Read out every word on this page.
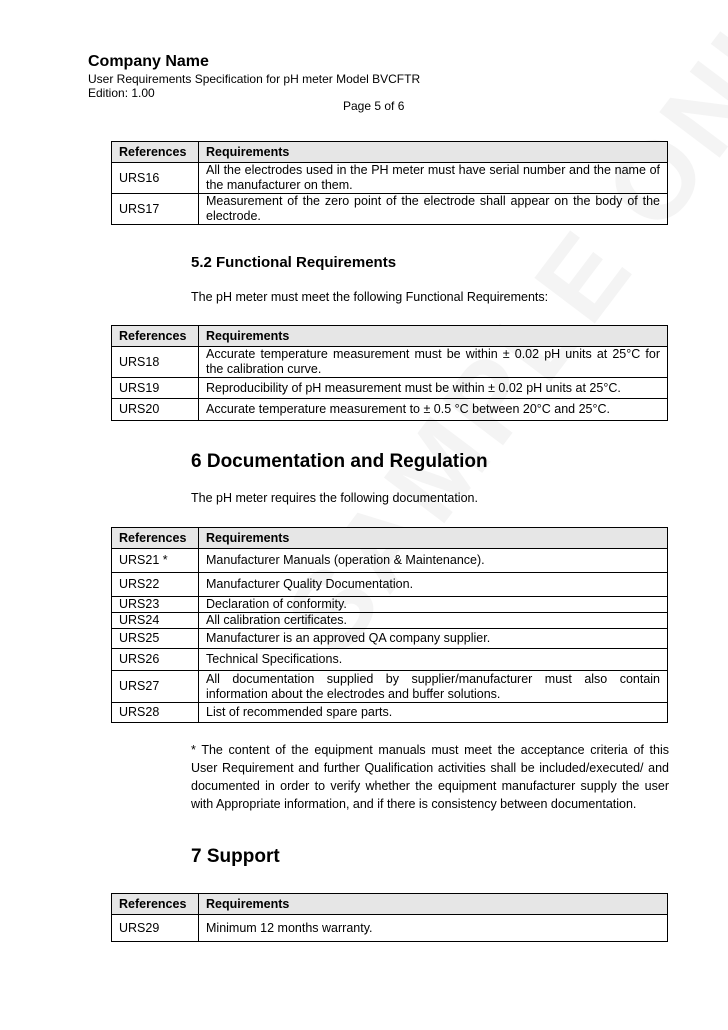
Company Name
User Requirements Specification for pH meter Model BVCFTR
Edition: 1.00
Page 5 of 6
References	Requirements
URS16	All the electrodes used in the PH meter must have serial number and the name of the manufacturer on them.
URS17	Measurement of the zero point of the electrode shall appear on the body of the electrode.
5.2 Functional Requirements
The pH meter must meet the following Functional Requirements:
References	Requirements
URS18	Accurate temperature measurement must be within ± 0.02 pH units at 25°C for the calibration curve.
URS19	Reproducibility of pH measurement must be within ± 0.02 pH units at 25°C.
URS20	Accurate temperature measurement to ± 0.5 °C between 20°C and 25°C.
6 Documentation and Regulation
The pH meter requires the following documentation.
References	Requirements
URS21 *	Manufacturer Manuals (operation & Maintenance).
URS22	Manufacturer Quality Documentation.
URS23	Declaration of conformity.
URS24	All calibration certificates.
URS25	Manufacturer is an approved QA company supplier.
URS26	Technical Specifications.
URS27	All documentation supplied by supplier/manufacturer must also contain information about the electrodes and buffer solutions.
URS28	List of recommended spare parts.
* The content of the equipment manuals must meet the acceptance criteria of this User Requirement and further Qualification activities shall be included/executed/ and documented in order to verify whether the equipment manufacturer supply the user with Appropriate information, and if there is consistency between documentation.
7 Support
References	Requirements
URS29	Minimum 12 months warranty.
